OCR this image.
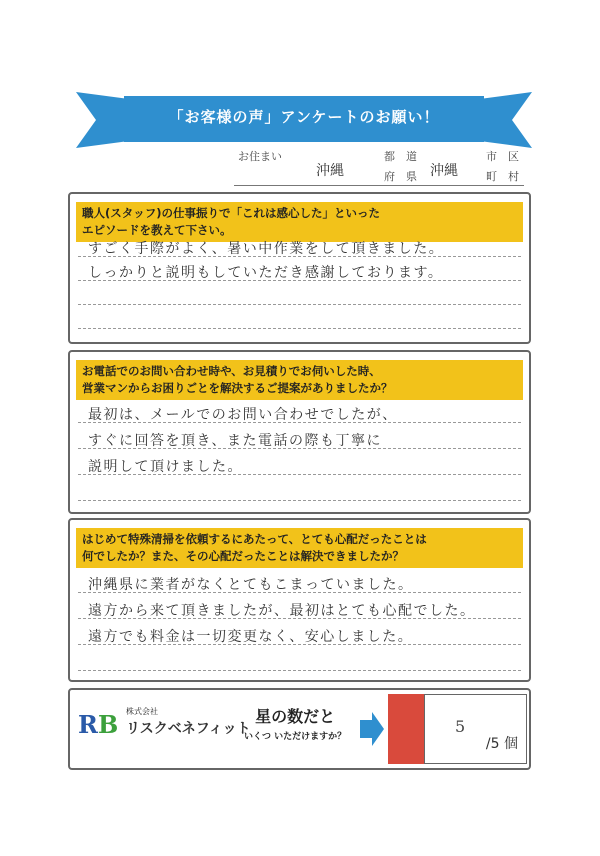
「お客様の声」アンケートのお願い！
お住まい
沖縄
都　道
府　県 沖縄
市　区
町　村
職人(スタッフ)の仕事振りで「これは感心した」といった
エピソードを教えて下さい。
すごく手際がよく、暑い中作業をして頂きました。
しっかりと説明もしていただき感謝しております。
お電話でのお問い合わせ時や、お見積りでお伺いした時、
営業マンからお困りごとを解決するご提案がありましたか？
最初は、メールでのお問い合わせでしたが、
すぐに回答を頂き、また電話の際も丁寧に
説明して頂けました。
はじめて特殊清掃を依頼するにあたって、とても心配だったことは
何でしたか？また、その心配だったことは解決できましたか？
沖縄県に業者がなくとてもこまっていました。
遠方から来て頂きましたが、最初はとても心配でした。
遠方でも料金は一切変更なく、安心しました。
RB 株式会社
リスクベネフィット
星の数だと
いくつ いただけますか？
5
/5 個
